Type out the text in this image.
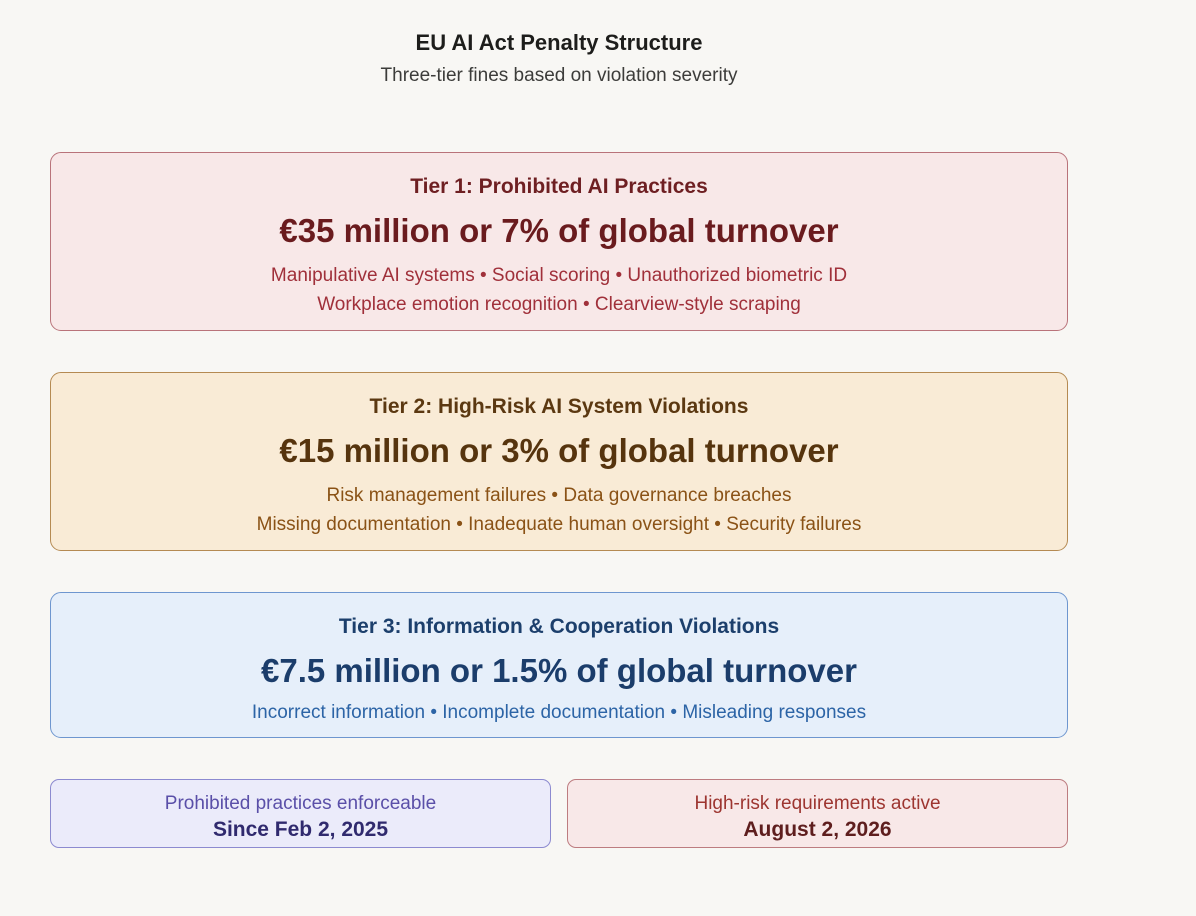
EU AI Act Penalty Structure
Three-tier fines based on violation severity
Tier 1: Prohibited AI Practices
€35 million or 7% of global turnover
Manipulative AI systems • Social scoring • Unauthorized biometric ID
Workplace emotion recognition • Clearview-style scraping
Tier 2: High-Risk AI System Violations
€15 million or 3% of global turnover
Risk management failures • Data governance breaches
Missing documentation • Inadequate human oversight • Security failures
Tier 3: Information & Cooperation Violations
€7.5 million or 1.5% of global turnover
Incorrect information • Incomplete documentation • Misleading responses
Prohibited practices enforceable
Since Feb 2, 2025
High-risk requirements active
August 2, 2026
